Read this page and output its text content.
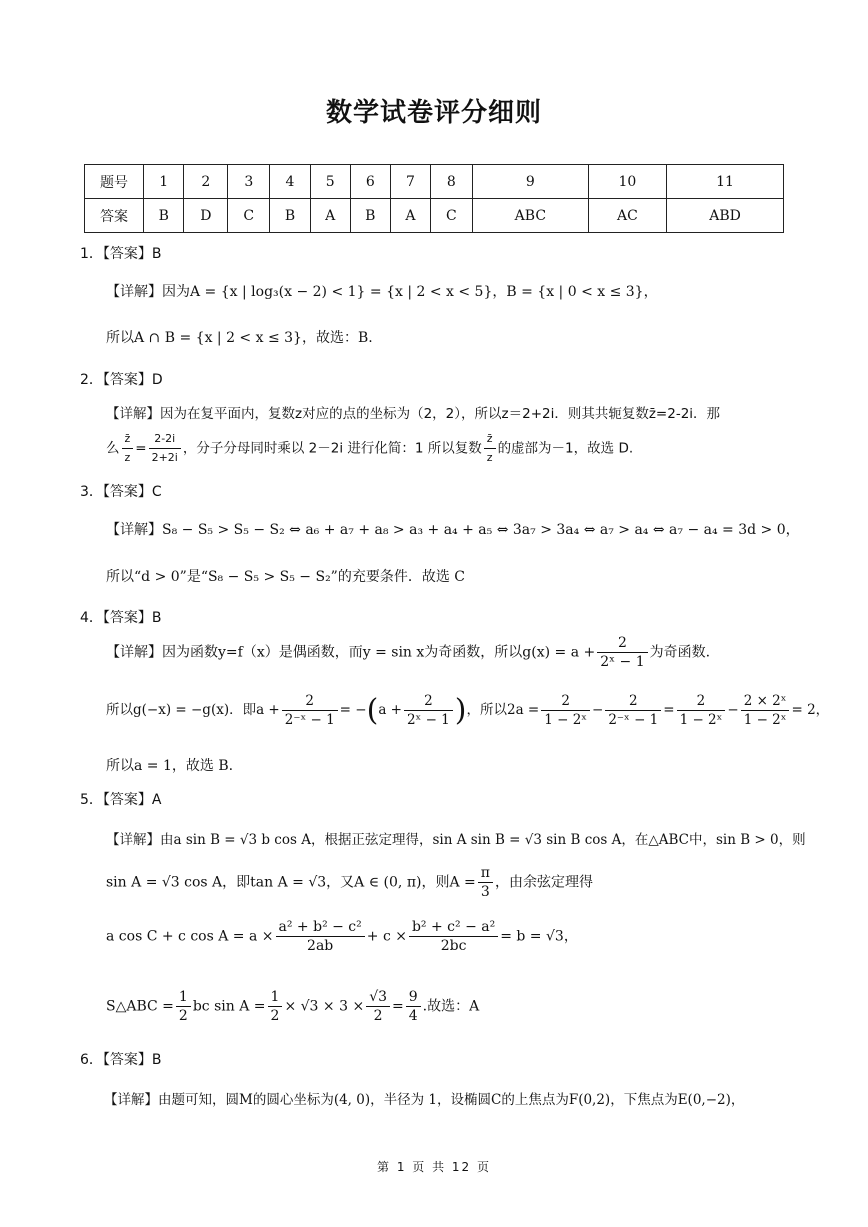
数学试卷评分细则
题号	1	2	3	4	5	6	7	8	9	10	11
答案	B	D	C	B	A	B	A	C	ABC	AC	ABD
1．【答案】B
【详解】因为A = {x | log₃(x − 2) < 1} = {x | 2 < x < 5}，B = {x | 0 < x ≤ 3}，
所以A ∩ B = {x | 2 < x ≤ 3}，故选：B.
2．【答案】D
【详解】因为在复平面内，复数z对应的点的坐标为（2，2），所以z＝2+2i．则其共轭复数z̄=2-2i．那
么 $\frac{z̄}{z} = \frac{2-2i}{2+2i}$ ，分子分母同时乘以 2－2i 进行化简：1 所以复数 $\frac{z̄}{z}$ 的虚部为－1，故选 D.
3．【答案】C
【详解】S₈ − S₅ > S₅ − S₂ ⇔ a₆ + a₇ + a₈ > a₃ + a₄ + a₅ ⇔ 3a₇ > 3a₄ ⇔ a₇ > a₄ ⇔ a₇ − a₄ = 3d > 0，
所以“d > 0”是“S₈ − S₅ > S₅ − S₂”的充要条件．故选 C
4．【答案】B
【详解】因为函数y=f（x）是偶函数，而y = sin x为奇函数，所以$g(x) = a + \frac{2}{\text{2ˣ − 1}}$ 为奇函数.
所以g(−x) = −g(x)．即$a + \frac{2}{\text{2⁻ˣ − 1}} = -(a + \frac{2}{\text{2ˣ − 1}}$ )，所以$2a = \frac{2}{\text{1 − 2ˣ}} - \frac{2}{\text{2⁻ˣ − 1}} = \frac{2}{\text{1 − 2ˣ}} - \frac{\text{2 × 2ˣ}}{\text{1 − 2ˣ}} = 2$，
所以a = 1，故选 B.
5．【答案】A
【详解】由a sin B = √3 b cos A，根据正弦定理得，sin A sin B = √3 sin B cos A，在△ABC中，sin B > 0，则
sin A = √3 cos A，即tan A = √3，又A ∈ (0, π)，则$A = \frac{\pi}{3}$ ，由余弦定理得
a cos C + c $\cos A = a \times \frac{\text{a² + b² − c²}}{2ab} + c \times \frac{\text{b² + c² − a²}}{2bc} = b = √3$，
S△ABC = $\frac{1}{2}$ bc $\sin A = \frac{1}{2} \times √3 \times 3 \times \frac{√3}{2} = \frac{9}{4}$ .故选：A
6．【答案】B
【详解】由题可知，圆M的圆心坐标为(4, 0)，半径为 1，设椭圆C的上焦点为F(0,2)，下焦点为E(0,−2)，
第 1 页 共 12 页
